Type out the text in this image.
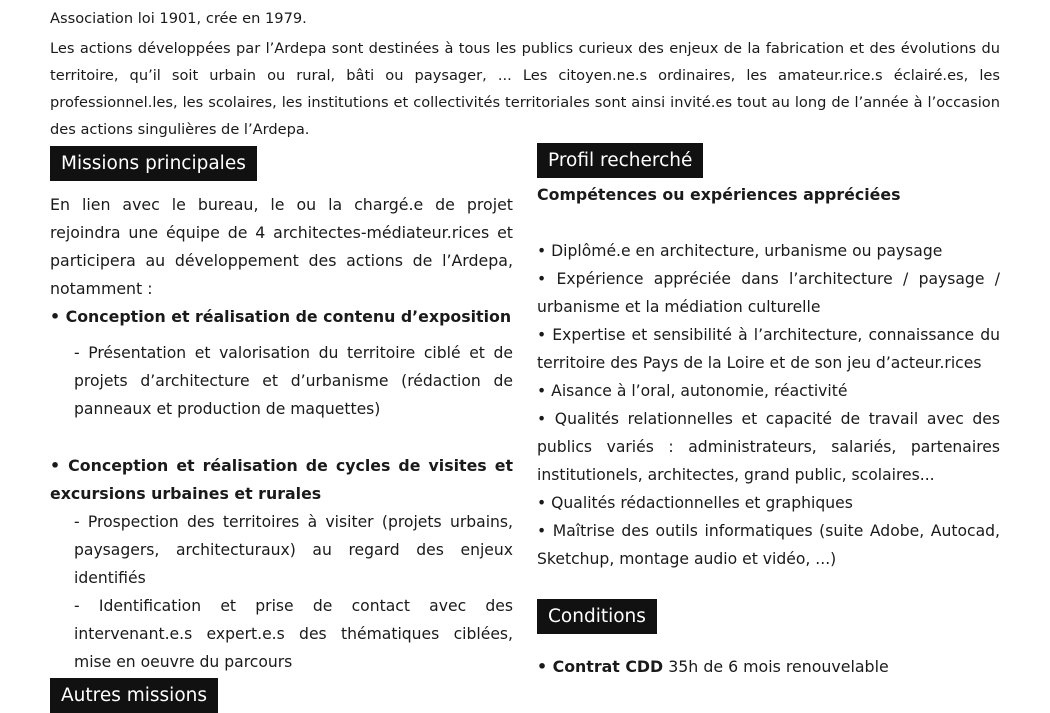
Association loi 1901, crée en 1979.

Les actions développées par l’Ardepa sont destinées à tous les publics curieux des enjeux de la fabrication et des évolutions du territoire, qu’il soit urbain ou rural, bâti ou paysager, ... Les citoyen.ne.s ordinaires, les amateur.rice.s éclairé.es, les professionnel.les, les scolaires, les institutions et collectivités territoriales sont ainsi invité.es tout au long de l’année à l’occasion des actions singulières de l’Ardepa.

Missions principales

En lien avec le bureau, le ou la chargé.e de projet rejoindra une équipe de 4 architectes-médiateur.rices et participera au développement des actions de l’Ardepa, notamment :

• Conception et réalisation de contenu d’exposition

- Présentation et valorisation du territoire ciblé et de projets d’architecture et d’urbanisme (rédaction de panneaux et production de maquettes)

• Conception et réalisation de cycles de visites et excursions urbaines et rurales

- Prospection des territoires à visiter (projets urbains, paysagers, architecturaux) au regard des enjeux identifiés

- Identification et prise de contact avec des intervenant.e.s expert.e.s des thématiques ciblées, mise en oeuvre du parcours

Autres missions
Profil recherché
Compétences ou expériences appréciées

• Diplômé.e en architecture, urbanisme ou paysage

• Expérience appréciée dans l’architecture / paysage / urbanisme et la médiation culturelle

• Expertise et sensibilité à l’architecture, connaissance du territoire des Pays de la Loire et de son jeu d’acteur.rices

• Aisance à l’oral, autonomie, réactivité

• Qualités relationnelles et capacité de travail avec des publics variés : administrateurs, salariés, partenaires institutionels, architectes, grand public, scolaires...

• Qualités rédactionnelles et graphiques

• Maîtrise des outils informatiques (suite Adobe, Autocad, Sketchup, montage audio et vidéo, ...)

Conditions
• Contrat CDD 35h de 6 mois renouvelable
